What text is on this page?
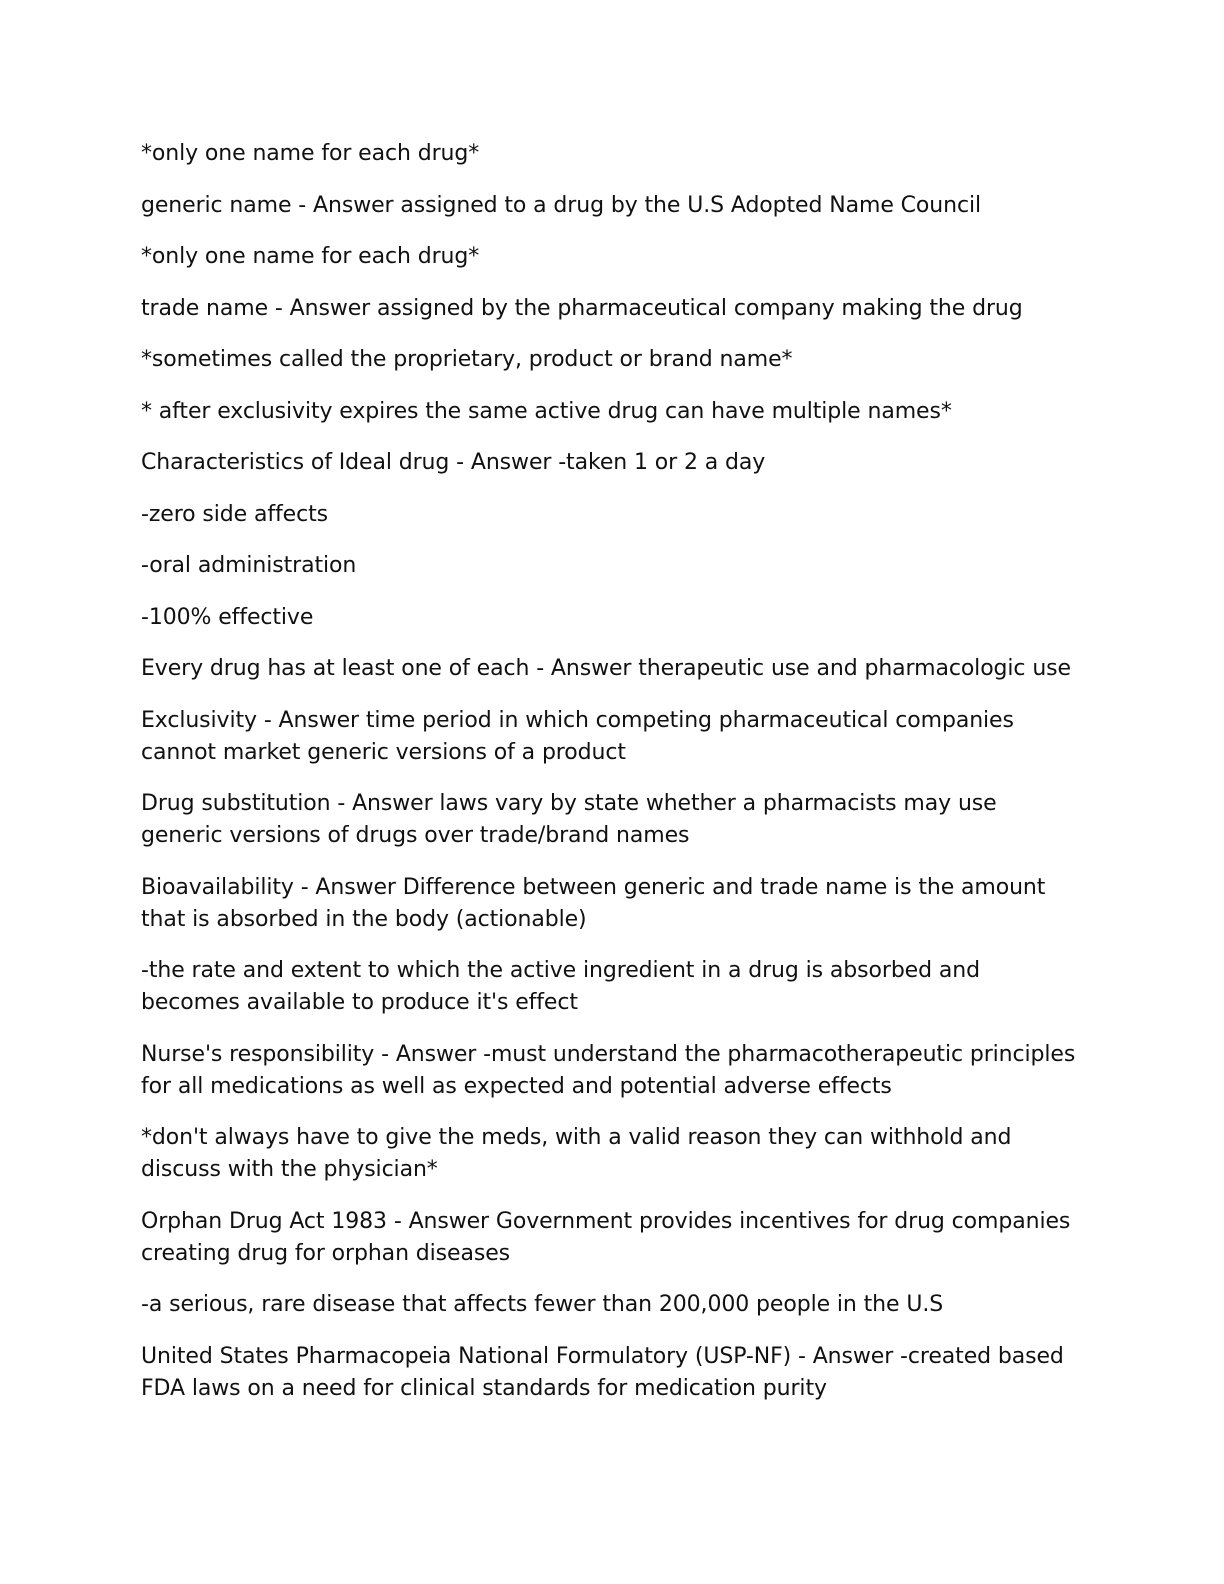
*only one name for each drug*

generic name - Answer assigned to a drug by the U.S Adopted Name Council

*only one name for each drug*

trade name - Answer assigned by the pharmaceutical company making the drug

*sometimes called the proprietary, product or brand name*

* after exclusivity expires the same active drug can have multiple names*

Characteristics of Ideal drug - Answer -taken 1 or 2 a day

-zero side affects

-oral administration

-100% effective

Every drug has at least one of each - Answer therapeutic use and pharmacologic use

Exclusivity - Answer time period in which competing pharmaceutical companies cannot market generic versions of a product

Drug substitution - Answer laws vary by state whether a pharmacists may use generic versions of drugs over trade/brand names

Bioavailability - Answer Difference between generic and trade name is the amount that is absorbed in the body (actionable)

-the rate and extent to which the active ingredient in a drug is absorbed and becomes available to produce it's effect

Nurse's responsibility - Answer -must understand the pharmacotherapeutic principles for all medications as well as expected and potential adverse effects

*don't always have to give the meds, with a valid reason they can withhold and discuss with the physician*

Orphan Drug Act 1983 - Answer Government provides incentives for drug companies creating drug for orphan diseases

-a serious, rare disease that affects fewer than 200,000 people in the U.S

United States Pharmacopeia National Formulatory (USP-NF) - Answer -created based FDA laws on a need for clinical standards for medication purity
